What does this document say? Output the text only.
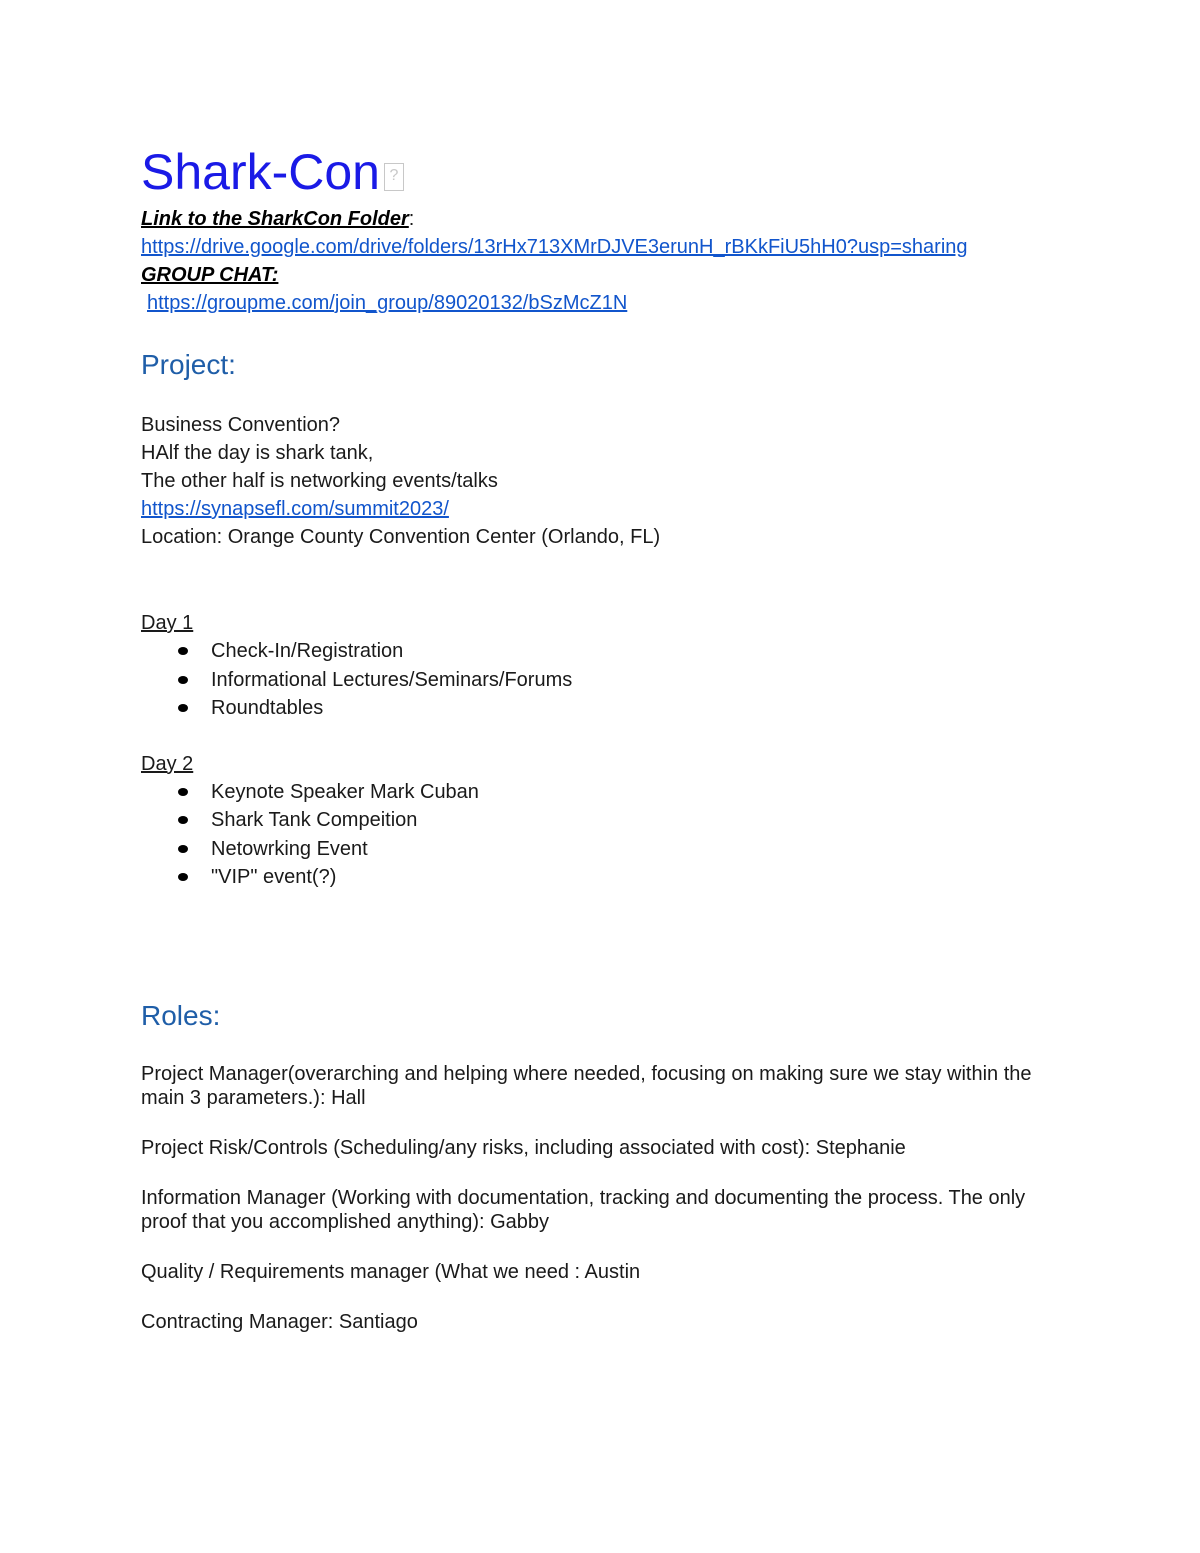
Shark-Con
?
Link to the SharkCon Folder:
https://drive.google.com/drive/folders/13rHx713XMrDJVE3erunH_rBKkFiU5hH0?usp=sharing
GROUP CHAT:
https://groupme.com/join_group/89020132/bSzMcZ1N
Project:

Business Convention?

HAlf the day is shark tank,

The other half is networking events/talks

https://synapsefl.com/summit2023/

Location: Orange County Convention Center (Orlando, FL)

Day 1
Check-In/Registration
Informational Lectures/Seminars/Forums
Roundtables
Day 2
Keynote Speaker Mark Cuban
Shark Tank Compeition
Netowrking Event
"VIP" event(?)
Roles:

Project Manager(overarching and helping where needed, focusing on making sure we stay within the main 3 parameters.): Hall

Project Risk/Controls (Scheduling/any risks, including associated with cost): Stephanie

Information Manager (Working with documentation, tracking and documenting the process. The only proof that you accomplished anything): Gabby

Quality / Requirements manager (What we need : Austin

Contracting Manager: Santiago
